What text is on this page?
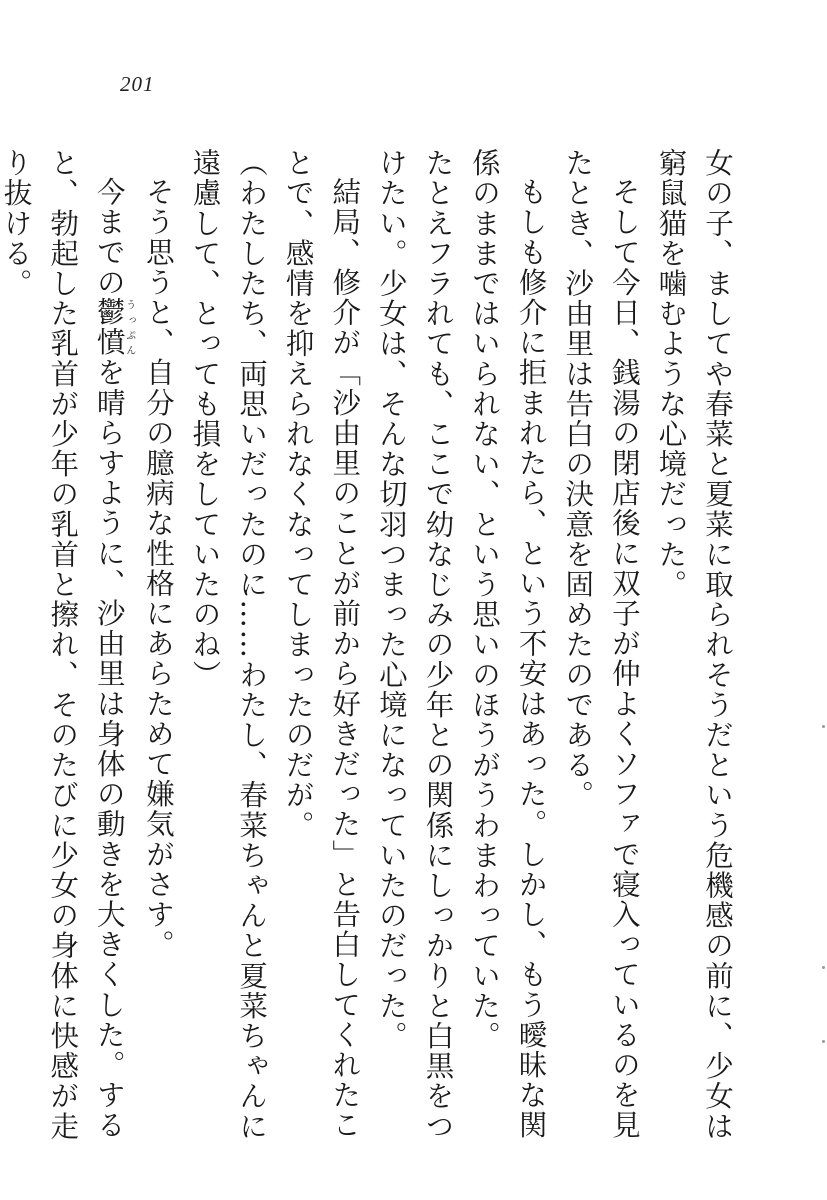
201

女の子、ましてや春菜と夏菜に取られそうだという危機感の前に、少女は窮鼠猫を噛むような心境だった。

そして今日、銭湯の閉店後に双子が仲よくソファで寝入っているのを見たとき、沙由里は告白の決意を固めたのである。

もしも修介に拒まれたら、という不安はあった。しかし、もう曖昧な関係のままではいられない、という思いのほうがうわまわっていた。

たとえフラれても、ここで幼なじみの少年との関係にしっかりと白黒をつけたい。少女は、そんな切羽つまった心境になっていたのだった。

結局、修介が「沙由里のことが前から好きだった」と告白してくれたことで、感情を抑えられなくなってしまったのだが。

（わたしたち、両思いだったのに……わたし、春菜ちゃんと夏菜ちゃんに遠慮して、とっても損をしていたのね）

そう思うと、自分の臆病な性格にあらためて嫌気がさす。

今までの鬱憤うっぷんを晴らすように、沙由里は身体の動きを大きくした。すると、勃起した乳首が少年の乳首と擦れ、そのたびに少女の身体に快感が走り抜ける。
